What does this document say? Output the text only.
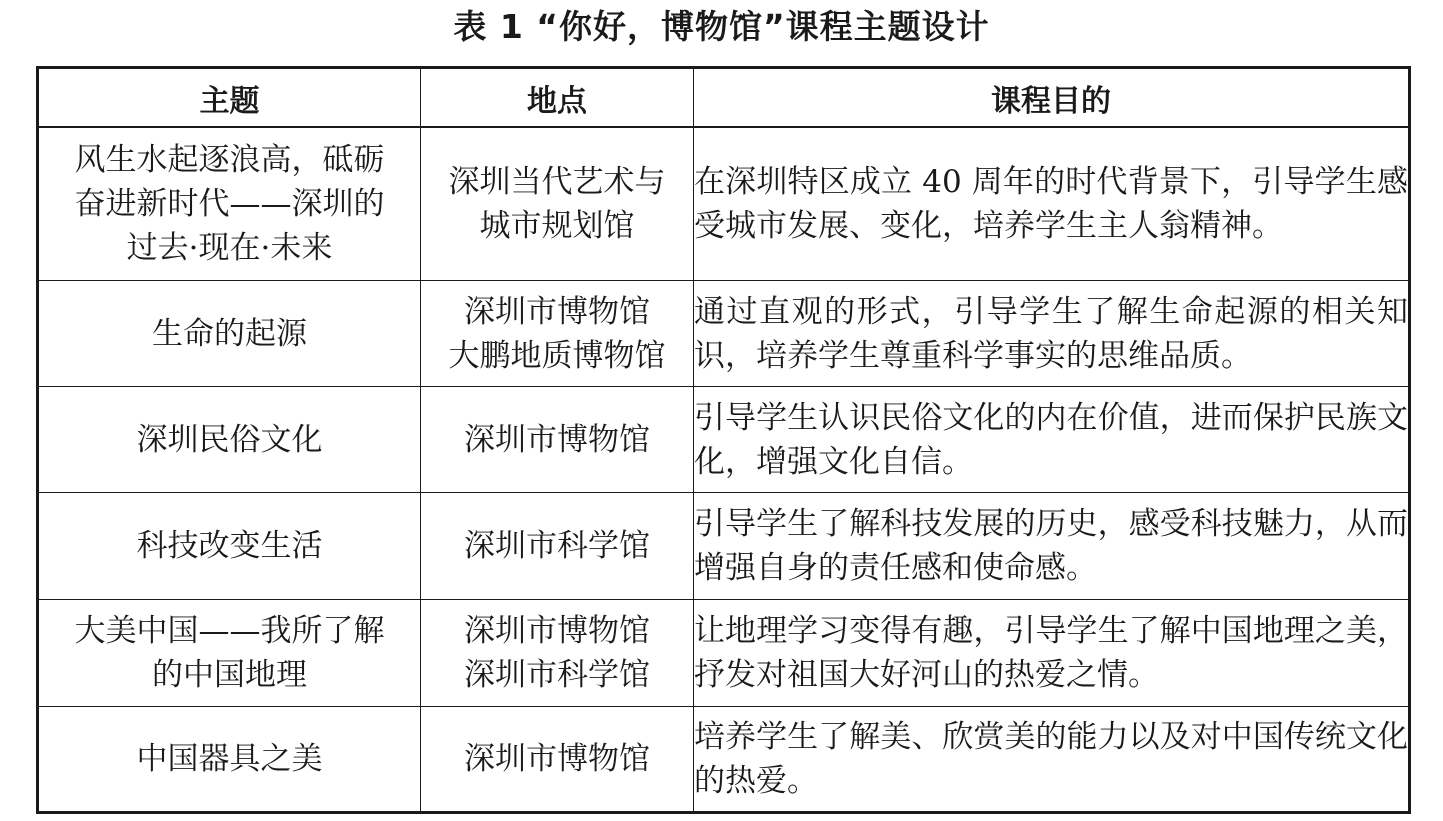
表 1 “你好，博物馆”课程主题设计
主题	地点	课程目的

风生水起逐浪高，砥砺
奋进新时代——深圳的
过去·现在·未来	深圳当代艺术与
城市规划馆	在深圳特区成立 40 周年的时代背景下，引导学生感受城市发展、变化，培养学生主人翁精神。

生命的起源	深圳市博物馆
大鹏地质博物馆	通过直观的形式，引导学生了解生命起源的相关知识，培养学生尊重科学事实的思维品质。

深圳民俗文化	深圳市博物馆	引导学生认识民俗文化的内在价值，进而保护民族文化，增强文化自信。

科技改变生活	深圳市科学馆	引导学生了解科技发展的历史，感受科技魅力，从而增强自身的责任感和使命感。

大美中国——我所了解
的中国地理	深圳市博物馆
深圳市科学馆	让地理学习变得有趣，引导学生了解中国地理之美，抒发对祖国大好河山的热爱之情。

中国器具之美	深圳市博物馆	培养学生了解美、欣赏美的能力以及对中国传统文化的热爱。
